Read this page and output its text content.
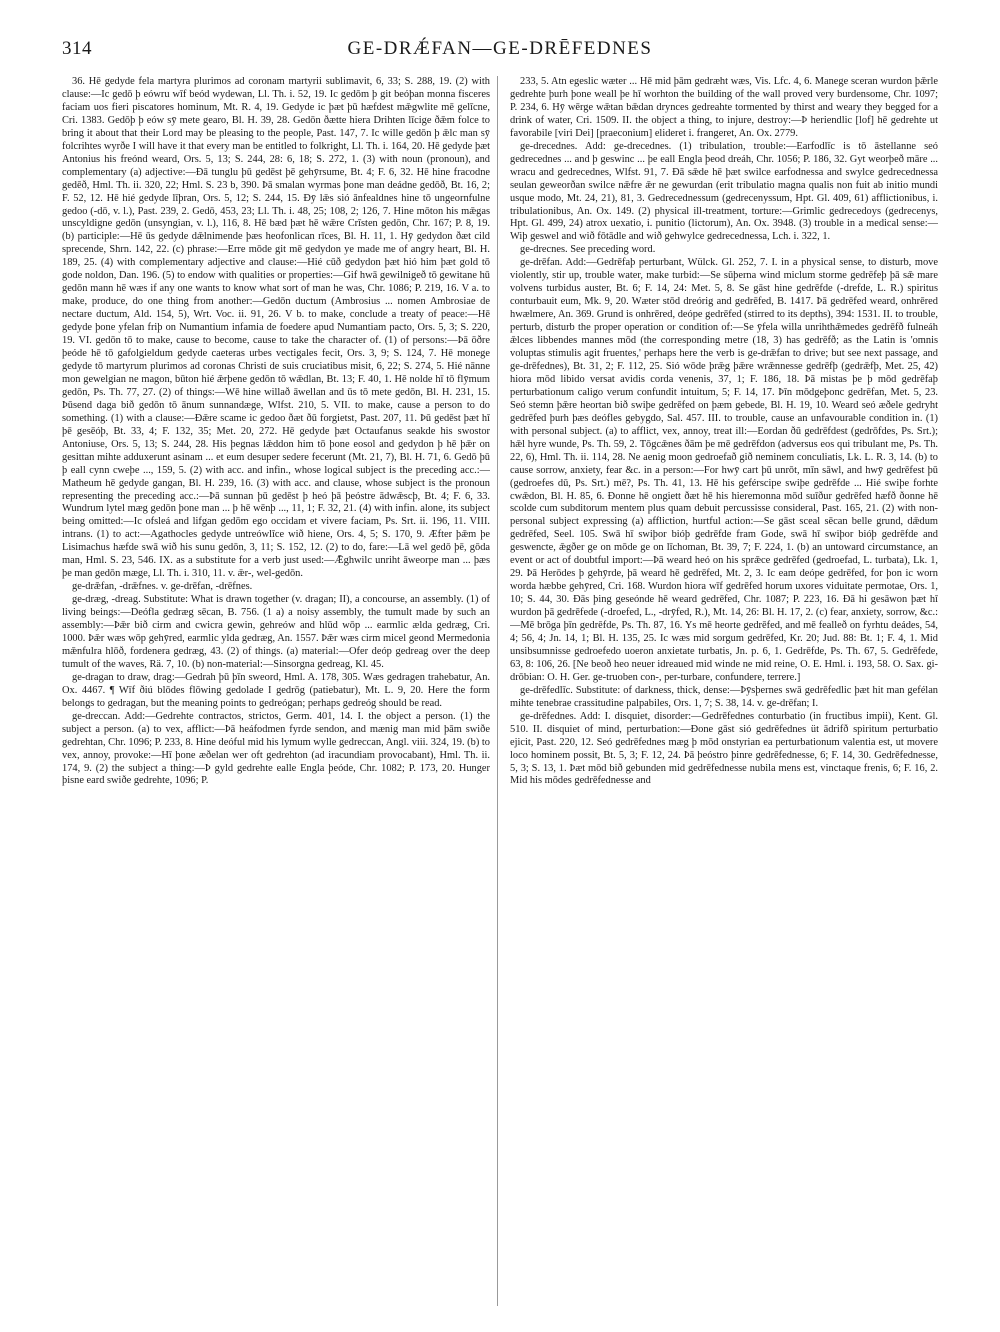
314	GE-DRǼFAN—GE-DRĒFEDNES

36. Hē gedyde fela martyra plurimos ad coronam martyrii sublimavit, 6, 33; S. 288, 19. (2) with clause:—Ic gedō þ eówru wīf beód wydewan, Ll. Th. i. 52, 19. Ic gedōm þ git beóþan monna fisceres faciam uos fieri piscatores hominum, Mt. R. 4, 19. Gedyde ic þæt þū hæfdest mǣgwlite mē gelīcne, Cri. 1383. Gedōþ þ eów sȳ mete gearo, Bl. H. 39, 28. Gedōn ðætte hiera Drihten līcige ðǣm folce to bring it about that their Lord may be pleasing to the people, Past. 147, 7. Ic wille gedōn þ ǣlc man sȳ folcrihtes wyrðe I will have it that every man be entitled to folkright, Ll. Th. i. 164, 20. Hē gedyde þæt Antonius his freónd weard, Ors. 5, 13; S. 244, 28: 6, 18; S. 272, 1. (3) with noun (pronoun), and complementary (a) adjective:—Ðā tunglu þū gedēst þē gehȳrsume, Bt. 4; F. 6, 32. Hē hine fracodne gedēð, Hml. Th. ii. 320, 22; Hml. S. 23 b, 390. Þā smalan wyrmas þone man deádne gedōð, Bt. 16, 2; F. 52, 12. Hē hié gedyde līþran, Ors. 5, 12; S. 244, 15. Ðȳ lǣs sió ānfealdnes hine tō ungeornfulne gedoo (-dō, v. l.), Past. 239, 2. Gedō, 453, 23; Ll. Th. i. 48, 25; 108, 2; 126, 7. Hine mōton his mǣgas unscyldigne gedōn (unsyngian, v. l.), 116, 8. Hē bæd þæt hē wǣre Crīsten gedōn, Chr. 167; P. 8, 19. (b) participle:—Hē ūs gedyde dǣlnimende þæs heofonlican rīces, Bl. H. 11, 1. Hȳ gedydon ðæt cild sprecende, Shrn. 142, 22. (c) phrase:—Erre mōde git mē gedydon ye made me of angry heart, Bl. H. 189, 25. (4) with complementary adjective and clause:—Hié cūð gedydon þæt hió him þæt gold tō gode noldon, Dan. 196. (5) to endow with qualities or properties:—Gif hwā gewilnigeð tō gewitane hū gedōn mann hē wæs if any one wants to know what sort of man he was, Chr. 1086; P. 219, 16. V a. to make, produce, do one thing from another:—Gedōn ductum (Ambrosius ... nomen Ambrosiae de nectare ductum, Ald. 154, 5), Wrt. Voc. ii. 91, 26. V b. to make, conclude a treaty of peace:—Hē gedyde þone yfelan friþ on Numantium infamia de foedere apud Numantiam pacto, Ors. 5, 3; S. 220, 19. VI. gedōn tō to make, cause to become, cause to take the character of. (1) of persons:—Þā ōðre þeóde hē tō gafolgieldum gedyde caeteras urbes vectigales fecit, Ors. 3, 9; S. 124, 7. Hē monege gedyde tō martyrum plurimos ad coronas Christi de suis cruciatibus misit, 6, 22; S. 274, 5. Hié nānne mon gewelgian ne magon, būton hié ǣrþene gedōn tō wǣdlan, Bt. 13; F. 40, 1. Hē nolde hī tō flȳmum gedōn, Ps. Th. 77, 27. (2) of things:—Wē hine willað āwellan and ūs tō mete gedōn, Bl. H. 231, 15. Þūsend daga bið gedōn tō ānum sunnandæge, Wlfst. 210, 5. VII. to make, cause a person to do something. (1) with a clause:—Ðǣre scame ic gedoo ðæt ðū forgietst, Past. 207, 11. Þū gedēst þæt hī þē gesēóþ, Bt. 33, 4; F. 132, 35; Met. 20, 272. Hē gedyde þæt Octaufanus seakde his swostor Antoniuse, Ors. 5, 13; S. 244, 28. His þegnas lǣddon him tō þone eosol and gedydon þ hē þǣr on gesittan mihte adduxerunt asinam ... et eum desuper sedere fecerunt (Mt. 21, 7), Bl. H. 71, 6. Gedō þū þ eall cynn cweþe ..., 159, 5. (2) with acc. and infin., whose logical subject is the preceding acc.:—Matheum hē gedyde gangan, Bl. H. 239, 16. (3) with acc. and clause, whose subject is the pronoun representing the preceding acc.:—Þā sunnan þū gedēst þ heó þā þeóstre ādwǣscþ, Bt. 4; F. 6, 33. Wundrum lytel mæg gedōn þone man ... þ hē wēnþ ..., 11, 1; F. 32, 21. (4) with infin. alone, its subject being omitted:—Ic ofsleá and lifgan gedōm ego occidam et vivere faciam, Ps. Srt. ii. 196, 11. VIII. intrans. (1) to act:—Agathocles gedyde untreówlīce wið hiene, Ors. 4, 5; S. 170, 9. Æfter þǣm þe Lisimachus hæfde swā wið his sunu gedōn, 3, 11; S. 152, 12. (2) to do, fare:—Lā wel gedō þē, gōda man, Hml. S. 23, 546. IX. as a substitute for a verb just used:—Ǣghwilc unriht āweorpe man ... þæs þe man gedōn mæge, Ll. Th. i. 310, 11. v. ǣr-, wel-gedōn.

ge-drǣfan, -drǣfnes. v. ge-drēfan, -drēfnes.

ge-dræg, -dreag. Substitute: What is drawn together (v. dragan; II), a concourse, an assembly. (1) of living beings:—Deófla gedræg sēcan, B. 756. (1 a) a noisy assembly, the tumult made by such an assembly:—Þǣr bið cirm and cwicra gewin, gehreów and hlūd wōp ... earmlic ælda gedræg, Cri. 1000. Þǣr wæs wōp gehȳred, earmlic ylda gedræg, An. 1557. Þǣr wæs cirm micel geond Mermedonia mǣnfulra hlōð, fordenera gedræg, 43. (2) of things. (a) material:—Ofer deóp gedreag over the deep tumult of the waves, Rä. 7, 10. (b) non-material:—Sinsorgna gedreag, Kl. 45.

ge-dragan to draw, drag:—Gedrah þū þīn sweord, Hml. A. 178, 305. Wæs gedragen trahebatur, An. Ox. 4467. ¶ Wīf ðiú blōdes flōwing gedolade I gedrōg (patiebatur), Mt. L. 9, 20. Here the form belongs to gedragan, but the meaning points to gedreógan; perhaps gedreóg should be read.

ge-dreccan. Add:—Gedrehte contractos, strictos, Germ. 401, 14. I. the object a person. (1) the subject a person. (a) to vex, afflict:—Þā heáfodmen fyrde sendon, and mænig man mid þām swiðe gedrehtan, Chr. 1096; P. 233, 8. Hine deóful mid his lymum wylle gedreccan, Angl. viii. 324, 19. (b) to vex, annoy, provoke:—Hī þone æðelan wer oft gedrehton (ad iracundiam provocabant), Hml. Th. ii. 174, 9. (2) the subject a thing:—Þ gyld gedrehte ealle Engla þeóde, Chr. 1082; P. 173, 20. Hunger þisne eard swiðe gedrehte, 1096; P.

233, 5. Atn egeslic wæter ... Hē mid þām gedræht wæs, Vis. Lfc. 4, 6. Manege sceran wurdon þǣrle gedrehte þurh þone weall þe hī worhton the building of the wall proved very burdensome, Chr. 1097; P. 234, 6. Hȳ wērge wǣtan bǣdan drynces gedreahte tormented by thirst and weary they begged for a drink of water, Cri. 1509. II. the object a thing, to injure, destroy:—Þ heriendlic [lof] hē gedrehte ut favorabile [viri Dei] [praeconium] elideret i. frangeret, An. Ox. 2779.

ge-drecednes. Add: ge-drecednes. (1) tribulation, trouble:—Earfodlīc is tō āstellanne seó gedrecednes ... and þ geswinc ... þe eall Engla þeod dreáh, Chr. 1056; P. 186, 32. Gyt weorþeð māre ... wracu and gedrecednes, Wlfst. 91, 7. Ðā sǣde hē þæt swilce earfodnessa and swylce gedrecednessa seulan geweorðan swilce nǣfre ǣr ne gewurdan (erit tribulatio magna qualis non fuit ab initio mundi usque modo, Mt. 24, 21), 81, 3. Gedrecednessum (gedrecenyssum, Hpt. Gl. 409, 61) afflictionibus, i. tribulationibus, An. Ox. 149. (2) physical ill-treatment, torture:—Grimlic gedrecedoys (gedrecenys, Hpt. Gl. 499, 24) atrox uexatio, i. punitio (lictorum), An. Ox. 3948. (3) trouble in a medical sense:—Wiþ geswel and wið fōtādle and wið gehwylce gedrecednessa, Lch. i. 322, 1.

ge-drecnes. See preceding word.

ge-drēfan. Add:—Gedrēfaþ perturbant, Wülck. Gl. 252, 7. I. in a physical sense, to disturb, move violently, stir up, trouble water, make turbid:—Se sūþerna wind miclum storme gedrēfeþ þā sǣ mare volvens turbidus auster, Bt. 6; F. 14, 24: Met. 5, 8. Se gāst hine gedrēfde (-drefde, L. R.) spiritus conturbauit eum, Mk. 9, 20. Wæter stōd dreórig and gedrēfed, B. 1417. Þā gedrēfed weard, onhrēred hwælmere, An. 369. Grund is onhrēred, deópe gedrēfed (stirred to its depths), 394: 1531. II. to trouble, perturb, disturb the proper operation or condition of:—Se ȳfela willa unrihthǣmedes gedrēfð fulneáh ǣlces libbendes mannes mōd (the corresponding metre (18, 3) has gedrēfð; as the Latin is 'omnis voluptas stimulis agit fruentes,' perhaps here the verb is ge-drǣfan to drive; but see next passage, and ge-drēfednes), Bt. 31, 2; F. 112, 25. Sió wōde þrǣg þǣre wrǣnnesse gedrēfþ (gedrǣfþ, Met. 25, 42) hiora mōd libido versat avidis corda venenis, 37, 1; F. 186, 18. Þā mistas þe þ mōd gedrēfaþ perturbationum caligo verum confundit intuitum, 5; F. 14, 17. Þīn mōdgeþonc gedrēfan, Met. 5, 23. Seó stemn þǣre heortan bið swiþe gedrēfed on þæm gebede, Bl. H. 19, 10. Weard seó æðele gedryht gedrēfed þurh þæs deófles gebygdo, Sal. 457. III. to trouble, cause an unfavourable condition in. (1) with personal subject. (a) to afflict, vex, annoy, treat ill:—Eordan ðū gedrēfdest (gedrōfdes, Ps. Srt.); hǣl hyre wunde, Ps. Th. 59, 2. Tōgcǣnes ðām þe mē gedrēfdon (adversus eos qui tribulant me, Ps. Th. 22, 6), Hml. Th. ii. 114, 28. Ne aenig moon gedroefað gið neminem conculiatis, Lk. L. R. 3, 14. (b) to cause sorrow, anxiety, fear &c. in a person:—For hwȳ cart þū unrōt, mīn sāwl, and hwȳ gedrēfest þū (gedroefes dū, Ps. Srt.) mē?, Ps. Th. 41, 13. Hē his geférscipe swiþe gedrēfde ... Hié swiþe forhte cwǣdon, Bl. H. 85, 6. Ðonne hē ongiett ðæt hē his hieremonna mōd suīður gedrēfed hæfð ðonne hē scolde cum subditorum mentem plus quam debuit percussisse consideral, Past. 165, 21. (2) with non-personal subject expressing (a) affliction, hurtful action:—Se gāst sceal sēcan belle grund, dǣdum gedrēfed, Seel. 105. Swā hī swiþor bióþ gedrēfde fram Gode, swā hī swiþor bióþ gedrēfde and geswencte, ǣgðer ge on mōde ge on līchoman, Bt. 39, 7; F. 224, 1. (b) an untoward circumstance, an event or act of doubtful import:—Þā weard heó on his sprǣce gedrēfed (gedroefad, L. turbata), Lk. 1, 29. Þā Herōdes þ gehȳrde, þā weard hē gedrēfed, Mt. 2, 3. Ic eam deópe gedrēfed, for þon ic worn worda hæbbe gehȳred, Cri. 168. Wurdon hiora wīf gedrēfed horum uxores viduitate permotae, Ors. 1, 10; S. 44, 30. Ðās þing geseónde hē weard gedrēfed, Chr. 1087; P. 223, 16. Ðā hi gesāwon þæt hī wurdon þā gedrēfede (-droefed, L., -drȳfed, R.), Mt. 14, 26: Bl. H. 17, 2. (c) fear, anxiety, sorrow, &c.:—Mē brōga þīn gedrēfde, Ps. Th. 87, 16. Ys mē heorte gedrēfed, and mē fealleð on fyrhtu deádes, 54, 4; 56, 4; Jn. 14, 1; Bl. H. 135, 25. Ic wæs mid sorgum gedrēfed, Kr. 20; Jud. 88: Bt. 1; F. 4, 1. Mid unsibsumnisse gedroefedo uoeron anxietate turbatis, Jn. p. 6, 1. Gedrēfde, Ps. Th. 67, 5. Gedrēfede, 63, 8: 106, 26. [Ne beoð heo neuer idreaued mid winde ne mid reine, O. E. Hml. i. 193, 58. O. Sax. gi-drōbian: O. H. Ger. ge-truoben con-, per-turbare, confundere, terrere.]

ge-drēfedlīc. Substitute: of darkness, thick, dense:—Þȳsþernes swā gedrēfedlic þæt hit man gefélan mihte tenebrae crassitudine palpabiles, Ors. 1, 7; S. 38, 14. v. ge-drēfan; I.

ge-drēfednes. Add: I. disquiet, disorder:—Gedrēfednes conturbatio (in fructibus impii), Kent. Gl. 510. II. disquiet of mind, perturbation:—Ðone gāst sió gedrēfednes üt ādrifð spiritum perturbatio ejicit, Past. 220, 12. Seó gedrēfednes mæg þ mōd onstyrian ea perturbationum valentia est, ut movere loco hominem possit, Bt. 5, 3; F. 12, 24. Þā þeóstro þinre gedrēfednesse, 6; F. 14, 30. Gedrēfednesse, 5, 3; S. 13, 1. Þæt mōd bið gebunden mid gedrēfednesse nubila mens est, vinctaque frenis, 6; F. 16, 2. Mid his mōdes gedrēfednesse and
